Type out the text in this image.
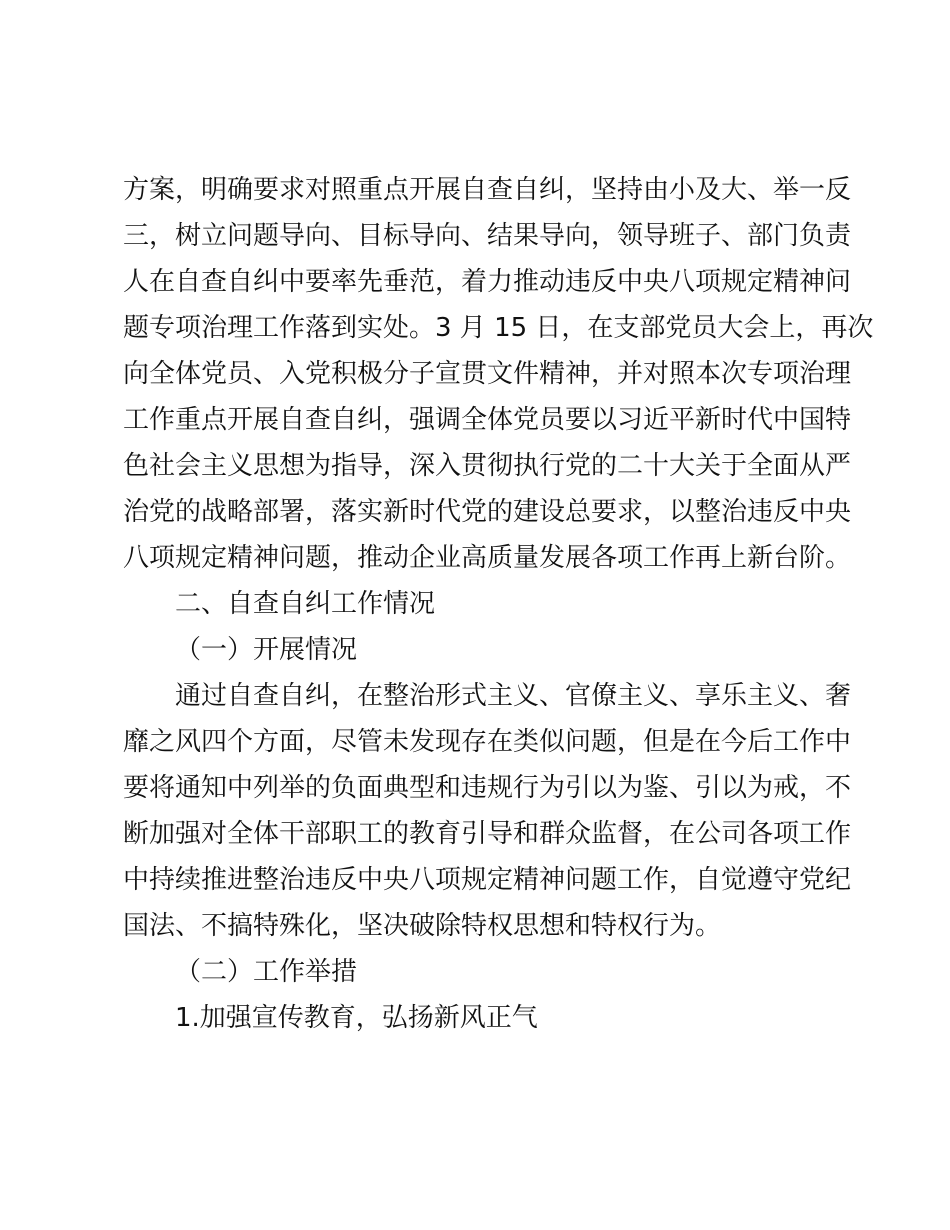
方案，明确要求对照重点开展自查自纠，坚持由小及大、举一反
三，树立问题导向、目标导向、结果导向，领导班子、部门负责
人在自查自纠中要率先垂范，着力推动违反中央八项规定精神问
题专项治理工作落到实处。3 月 15 日，在支部党员大会上，再次
向全体党员、入党积极分子宣贯文件精神，并对照本次专项治理
工作重点开展自查自纠，强调全体党员要以习近平新时代中国特
色社会主义思想为指导，深入贯彻执行党的二十大关于全面从严
治党的战略部署，落实新时代党的建设总要求，以整治违反中央
八项规定精神问题，推动企业高质量发展各项工作再上新台阶。
二、自查自纠工作情况
（一）开展情况
通过自查自纠，在整治形式主义、官僚主义、享乐主义、奢
靡之风四个方面，尽管未发现存在类似问题，但是在今后工作中
要将通知中列举的负面典型和违规行为引以为鉴、引以为戒，不
断加强对全体干部职工的教育引导和群众监督，在公司各项工作
中持续推进整治违反中央八项规定精神问题工作，自觉遵守党纪
国法、不搞特殊化，坚决破除特权思想和特权行为。
（二）工作举措
1.加强宣传教育，弘扬新风正气
